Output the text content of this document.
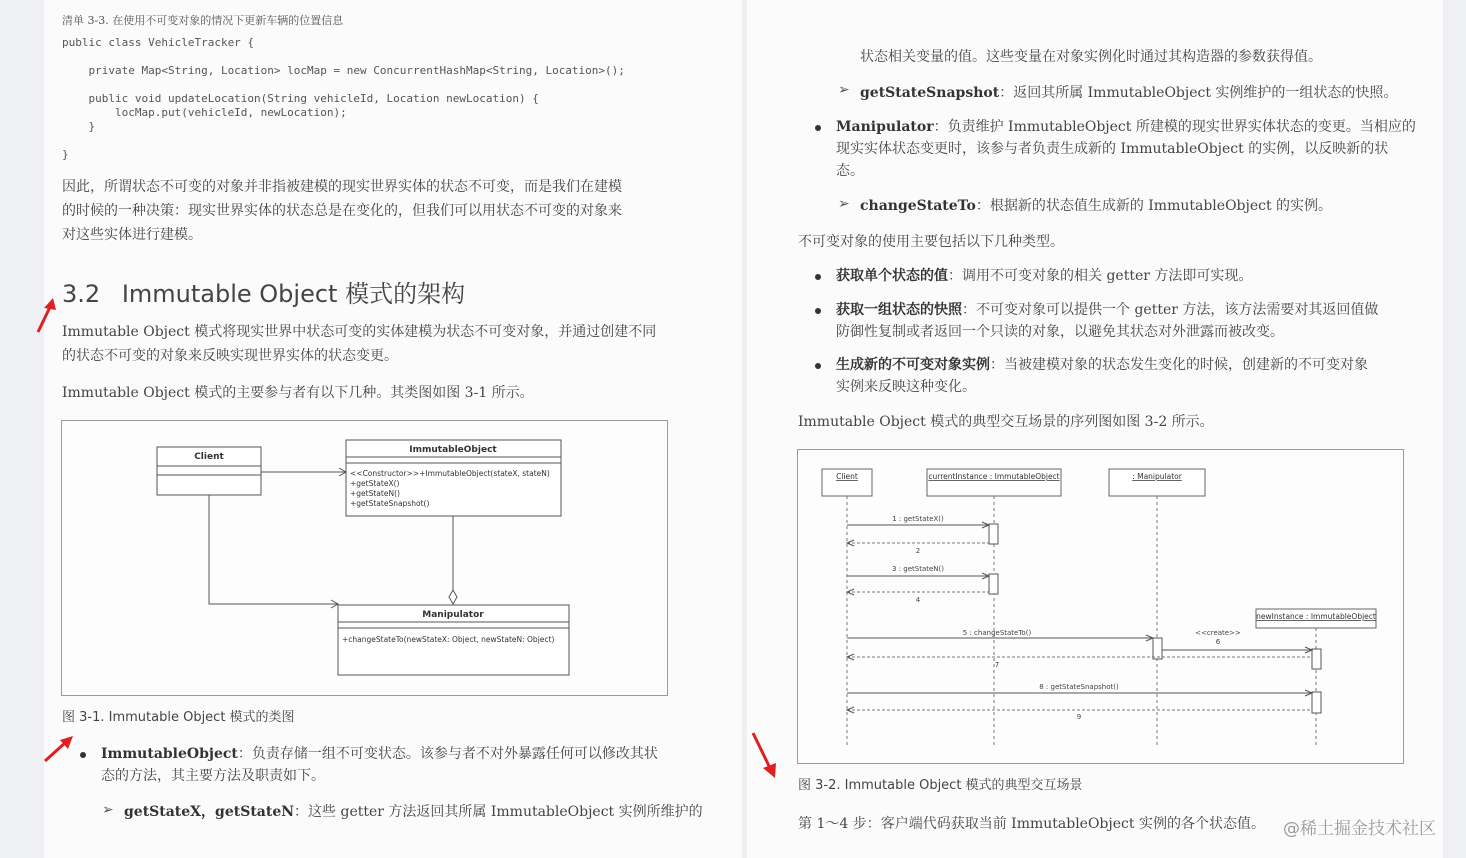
清单 3-3. 在使用不可变对象的情况下更新车辆的位置信息
public class VehicleTracker {
private Map<String, Location> locMap = new ConcurrentHashMap<String, Location>();
public void updateLocation(String vehicleId, Location newLocation) {
locMap.put(vehicleId, newLocation);
}
}
因此，所谓状态不可变的对象并非指被建模的现实世界实体的状态不可变，而是我们在建模
的时候的一种决策：现实世界实体的状态总是在变化的，但我们可以用状态不可变的对象来
对这些实体进行建模。
3.2 Immutable Object 模式的架构
Immutable Object 模式将现实世界中状态可变的实体建模为状态不可变对象，并通过创建不同
的状态不可变的对象来反映实现世界实体的状态变更。
Immutable Object 模式的主要参与者有以下几种。其类图如图 3-1 所示。
Client
ImmutableObject
<<Constructor>>+ImmutableObject(stateX, stateN)
+getStateX()
+getStateN()
+getStateSnapshot()
Manipulator
+changeStateTo(newStateX: Object, newStateN: Object)
图 3-1. Immutable Object 模式的类图
ImmutableObject：负责存储一组不可变状态。该参与者不对外暴露任何可以修改其状
态的方法，其主要方法及职责如下。
➢ getStateX，getStateN：这些 getter 方法返回其所属 ImmutableObject 实例所维护的
状态相关变量的值。这些变量在对象实例化时通过其构造器的参数获得值。
➢ getStateSnapshot：返回其所属 ImmutableObject 实例维护的一组状态的快照。
Manipulator：负责维护 ImmutableObject 所建模的现实世界实体状态的变更。当相应的
现实实体状态变更时，该参与者负责生成新的 ImmutableObject 的实例，以反映新的状
态。
➢ changeStateTo：根据新的状态值生成新的 ImmutableObject 的实例。
不可变对象的使用主要包括以下几种类型。
获取单个状态的值：调用不可变对象的相关 getter 方法即可实现。
获取一组状态的快照：不可变对象可以提供一个 getter 方法，该方法需要对其返回值做
防御性复制或者返回一个只读的对象，以避免其状态对外泄露而被改变。
生成新的不可变对象实例：当被建模对象的状态发生变化的时候，创建新的不可变对象
实例来反映这种变化。
Immutable Object 模式的典型交互场景的序列图如图 3-2 所示。
Client	currentInstance : ImmutableObject	: Manipulator
newInstance : ImmutableObject
1 : getStateX()
2
3 : getStateN()
4
5 : changeStateTo()	<<create>>
6
7
8 : getStateSnapshot()
9
图 3-2. Immutable Object 模式的典型交互场景
第 1～4 步：客户端代码获取当前 ImmutableObject 实例的各个状态值。 @稀土掘金技术社区
